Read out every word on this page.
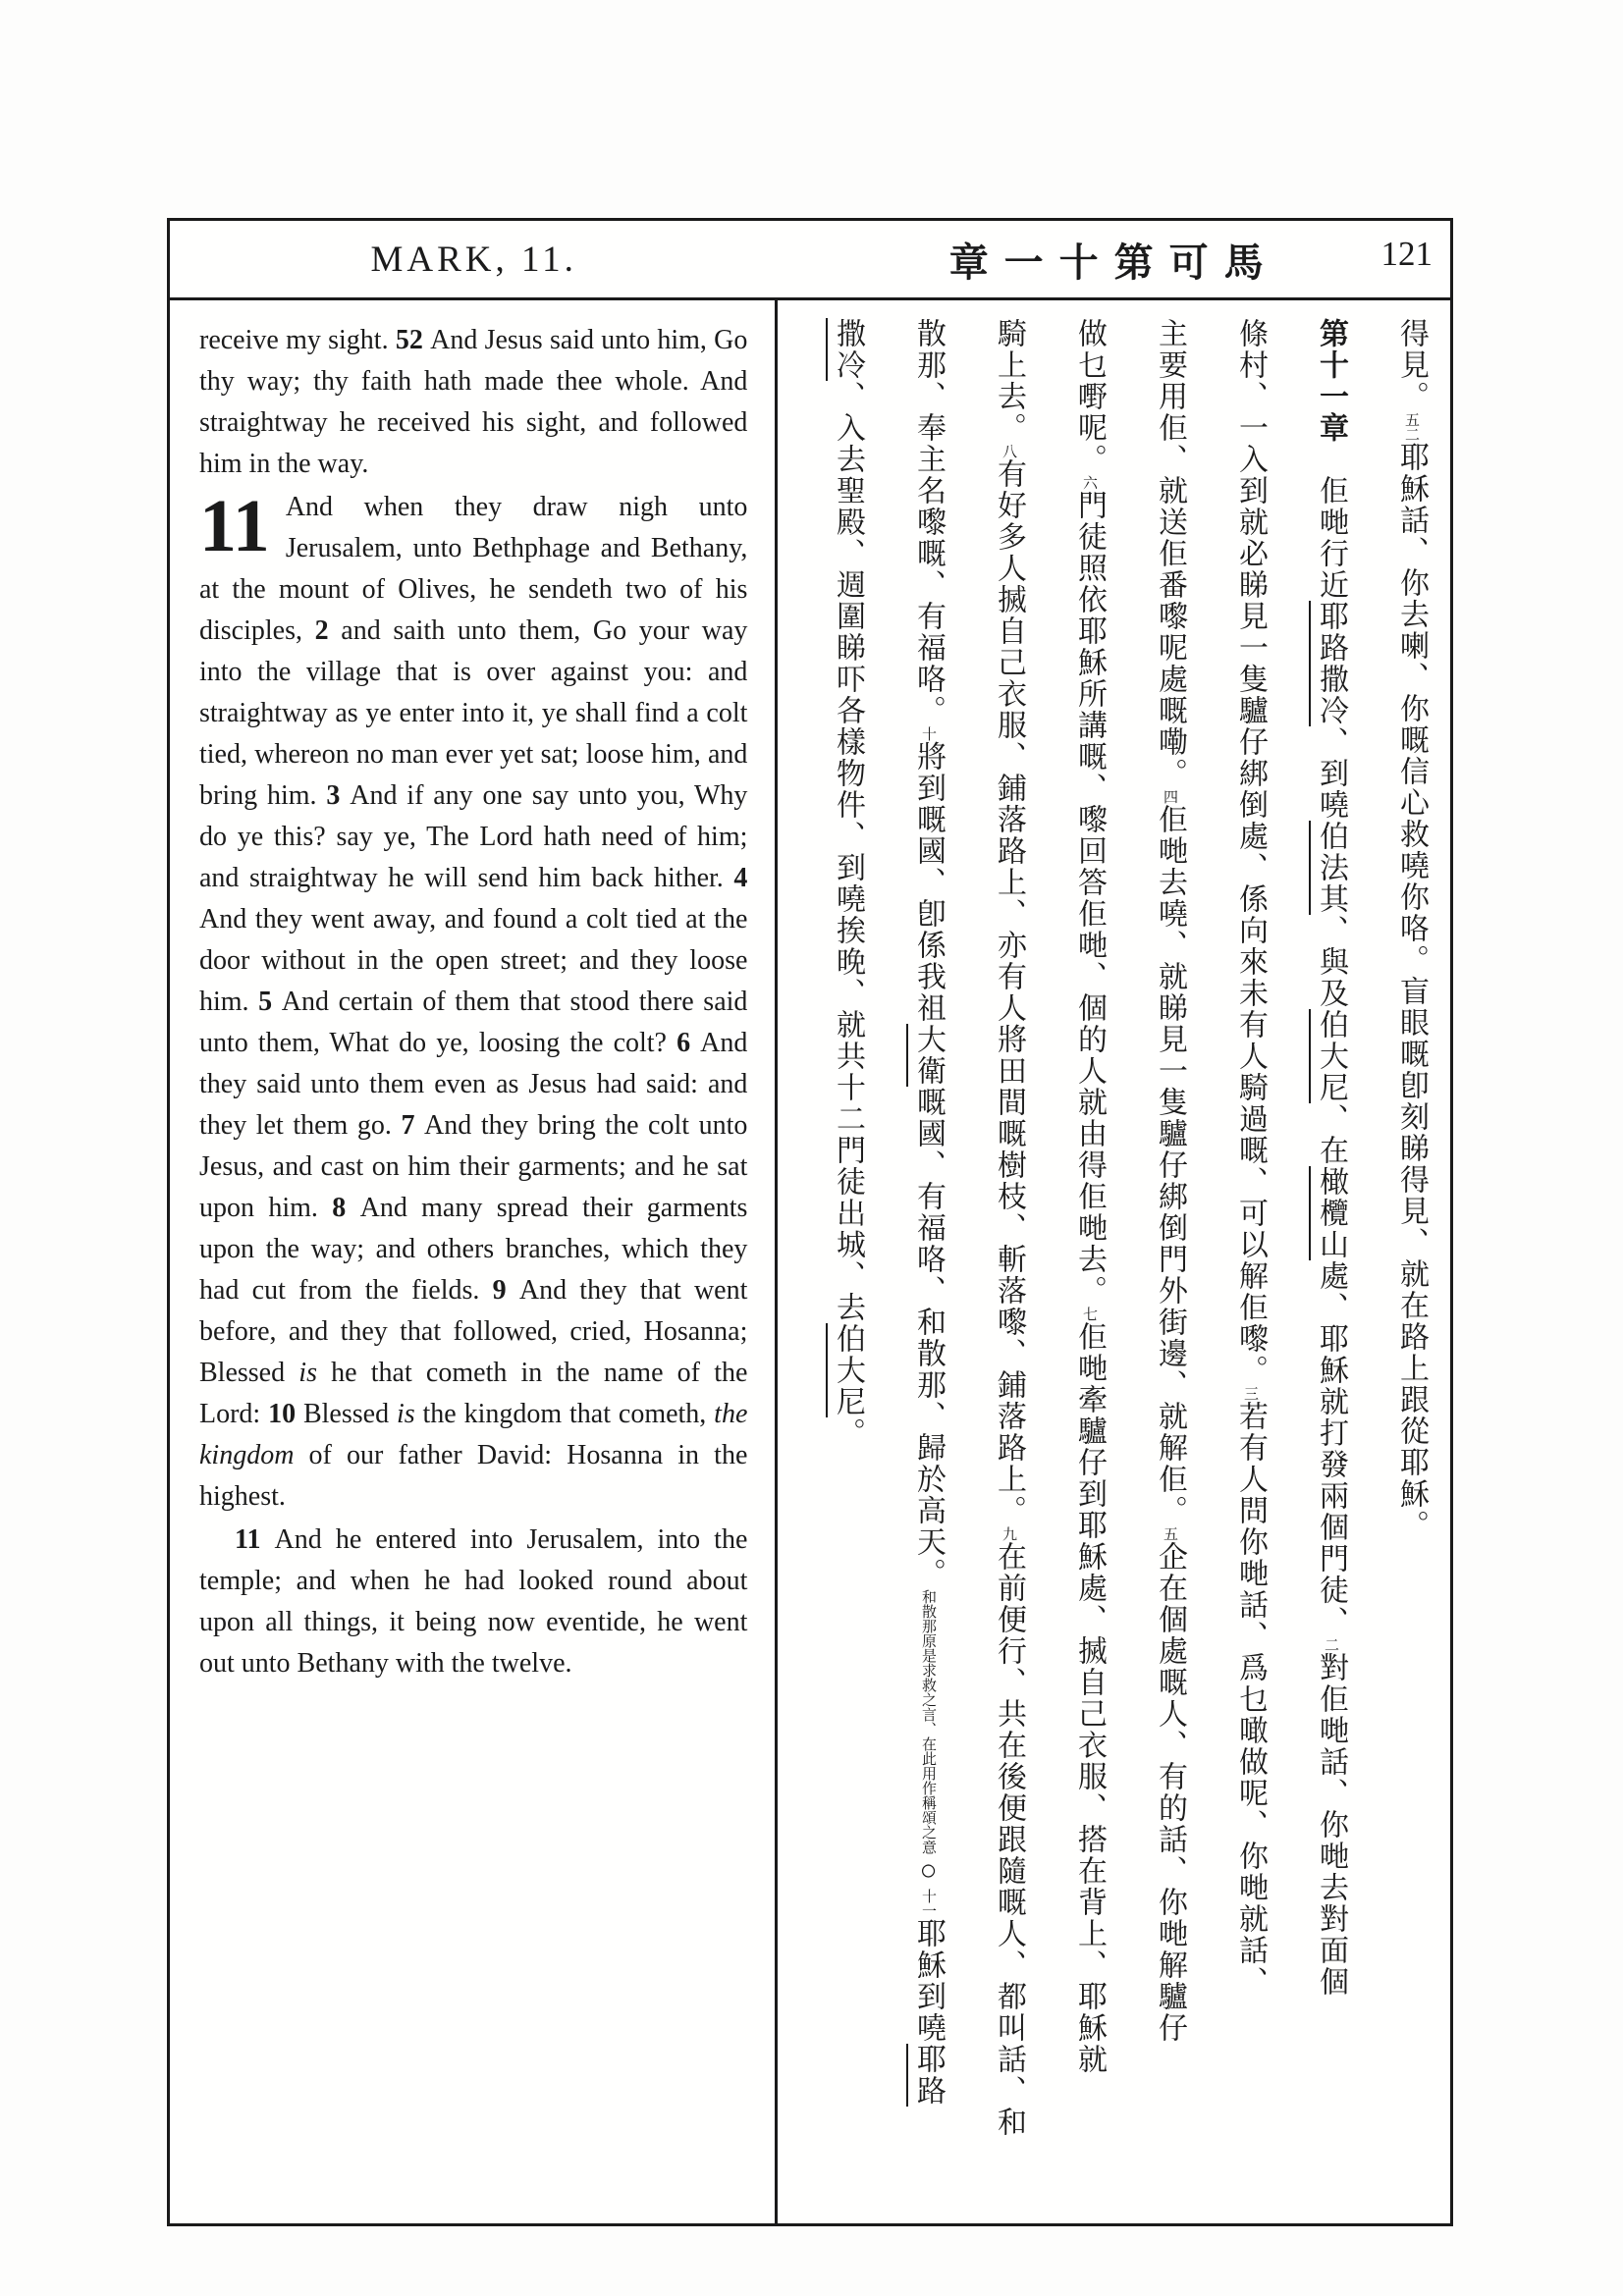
MARK, 11.	章一十第可馬	121

receive my sight. 52 And Jesus said unto him, Go thy way; thy faith hath made thee whole. And straightway he received his sight, and followed him in the way.

11 And when they draw nigh unto Jerusalem, unto Bethphage and Bethany, at the mount of Olives, he sendeth two of his disciples, 2 and saith unto them, Go your way into the village that is over against you: and straightway as ye enter into it, ye shall find a colt tied, whereon no man ever yet sat; loose him, and bring him. 3 And if any one say unto you, Why do ye this? say ye, The Lord hath need of him; and straightway he will send him back hither. 4 And they went away, and found a colt tied at the door without in the open street; and they loose him. 5 And certain of them that stood there said unto them, What do ye, loosing the colt? 6 And they said unto them even as Jesus had said: and they let them go. 7 And they bring the colt unto Jesus, and cast on him their garments; and he sat upon him. 8 And many spread their garments upon the way; and others branches, which they had cut from the fields. 9 And they that went before, and they that followed, cried, Hosanna; Blessed is he that cometh in the name of the Lord: 10 Blessed is the kingdom that cometh, the kingdom of our father David: Hosanna in the highest.

11 And he entered into Jerusalem, into the temple; and when he had looked round about upon all things, it being now eventide, he went out unto Bethany with the twelve.

得見。五二耶穌話、你去喇、你嘅信心救嘵你咯。盲眼嘅卽刻睇得見、就在路上跟從耶穌。
第十一章　佢哋行近耶路撒冷、到嘵伯法其、與及伯大尼、在橄欖山處、耶穌就打發兩個門徒、二對佢哋話、你哋去對面個
條村、一入到就必睇見一隻驢仔綁倒處、係向來未有人騎過嘅、可以解佢嚟。三若有人問你哋話、爲乜噉做呢、你哋就話、
主要用佢、就送佢番嚟呢處嘅嘞。四佢哋去嘵、就睇見一隻驢仔綁倒門外街邊、就解佢。五企在個處嘅人、有的話、你哋解驢仔
做乜嘢呢。六門徒照依耶穌所講嘅、嚟回答佢哋、個的人就由得佢哋去。七佢哋牽驢仔到耶穌處、搣自己衣服、搭在背上、耶穌就
騎上去。八有好多人搣自己衣服、鋪落路上、亦有人將田間嘅樹枝、斬落嚟、鋪落路上。九在前便行、共在後便跟隨嘅人、都叫話、和
散那、奉主名嚟嘅、有福咯。十將到嘅國、卽係我祖大衛嘅國、有福咯、和散那、歸於高天。和散那原是求救之言、在此用作稱頌之意○十一耶穌到嘵耶路
撒冷、入去聖殿、週圍睇吓各樣物件、到嘵挨晚、就共十二門徒出城、去伯大尼。
